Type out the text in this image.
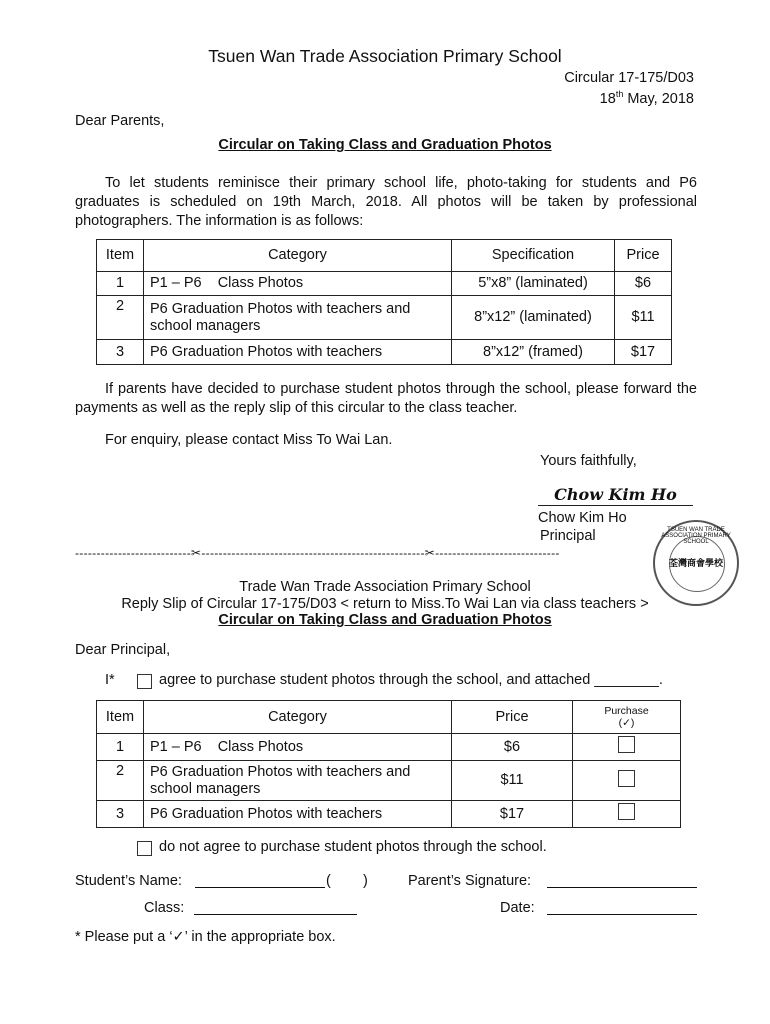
Tsuen Wan Trade Association Primary School
Circular 17-175/D03
18th May, 2018
Dear Parents,
Circular on Taking Class and Graduation Photos
To let students reminisce their primary school life, photo-taking for students and P6 graduates is scheduled on 19th March, 2018. All photos will be taken by professional photographers. The information is as follows:
Item	Category	Specification	Price
1	P1 – P6    Class Photos	5”x8” (laminated)	$6
2	P6 Graduation Photos with teachers and school managers	8”x12” (laminated)	$11
3	P6 Graduation Photos with teachers	8”x12” (framed)	$17
If parents have decided to purchase student photos through the school, please forward the payments as well as the reply slip of this circular to the class teacher.
For enquiry, please contact Miss To Wai Lan.
Yours faithfully,
Chow Kim Ho
Chow Kim Ho
Principal	TSUEN WAN TRADE ASSOCIATION PRIMARY SCHOOL
荃灣商會學校
---------------------------✂----------------------------------------------------✂-----------------------------
Trade Wan Trade Association Primary School
Reply Slip of Circular 17-175/D03 < return to Miss.To Wai Lan via class teachers >
Circular on Taking Class and Graduation Photos
Dear Principal,
I*	agree to purchase student photos through the school, and attached ________.
Item	Category	Price	Purchase
(✓)
1	P1 – P6    Class Photos	$6	
2	P6 Graduation Photos with teachers and school managers	$11	
3	P6 Graduation Photos with teachers	$17	
do not agree to purchase student photos through the school.
Student’s Name:	(        )	Parent’s Signature:
Class:	Date:
* Please put a ‘✓’ in the appropriate box.
